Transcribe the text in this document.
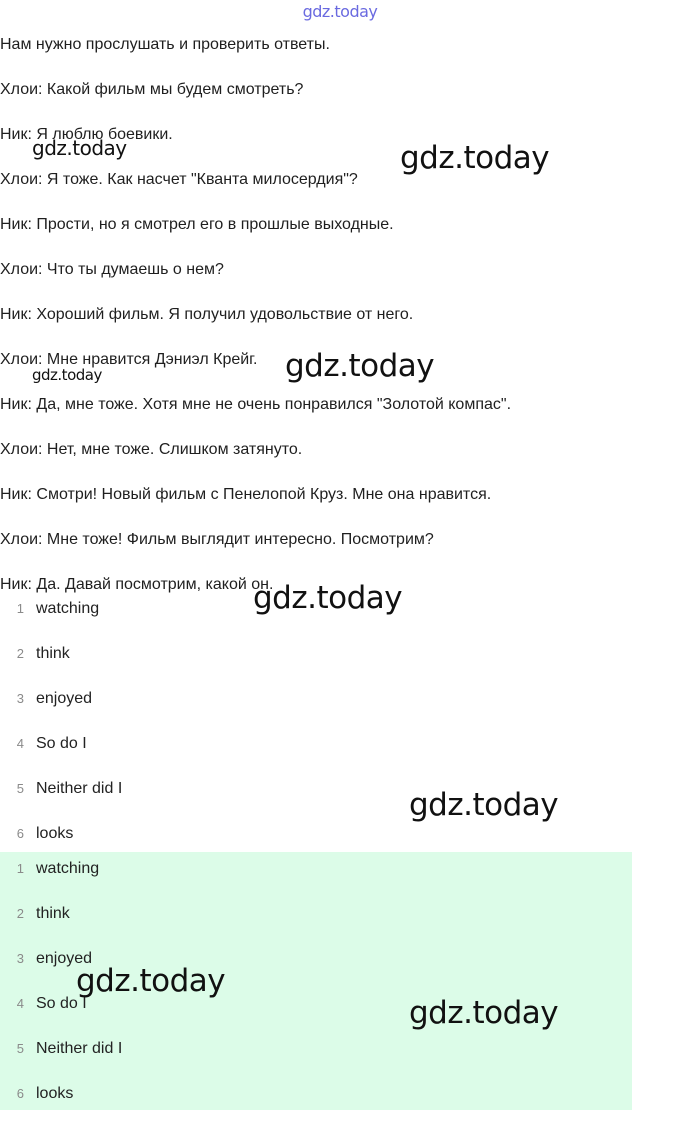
gdz.today
Нам нужно прослушать и проверить ответы.
Хлои: Какой фильм мы будем смотреть?
Ник: Я люблю боевики.
Хлои: Я тоже. Как насчет "Кванта милосердия"?
Ник: Прости, но я смотрел его в прошлые выходные.
Хлои: Что ты думаешь о нем?
Ник: Хороший фильм. Я получил удовольствие от него.
Хлои: Мне нравится Дэниэл Крейг.
Ник: Да, мне тоже. Хотя мне не очень понравился "Золотой компас".
Хлои: Нет, мне тоже. Слишком затянуто.
Ник: Смотри! Новый фильм с Пенелопой Круз. Мне она нравится.
Хлои: Мне тоже! Фильм выглядит интересно. Посмотрим?
Ник: Да. Давай посмотрим, какой он.
1 watching
2 think
3 enjoyed
4 So do I
5 Neither did I
6 looks
1 watching
2 think
3 enjoyed
4 So do I
5 Neither did I
6 looks
gdz.today	gdz.today
gdz.today
gdz.today
gdz.today
gdz.today
gdz.today
gdz.today
